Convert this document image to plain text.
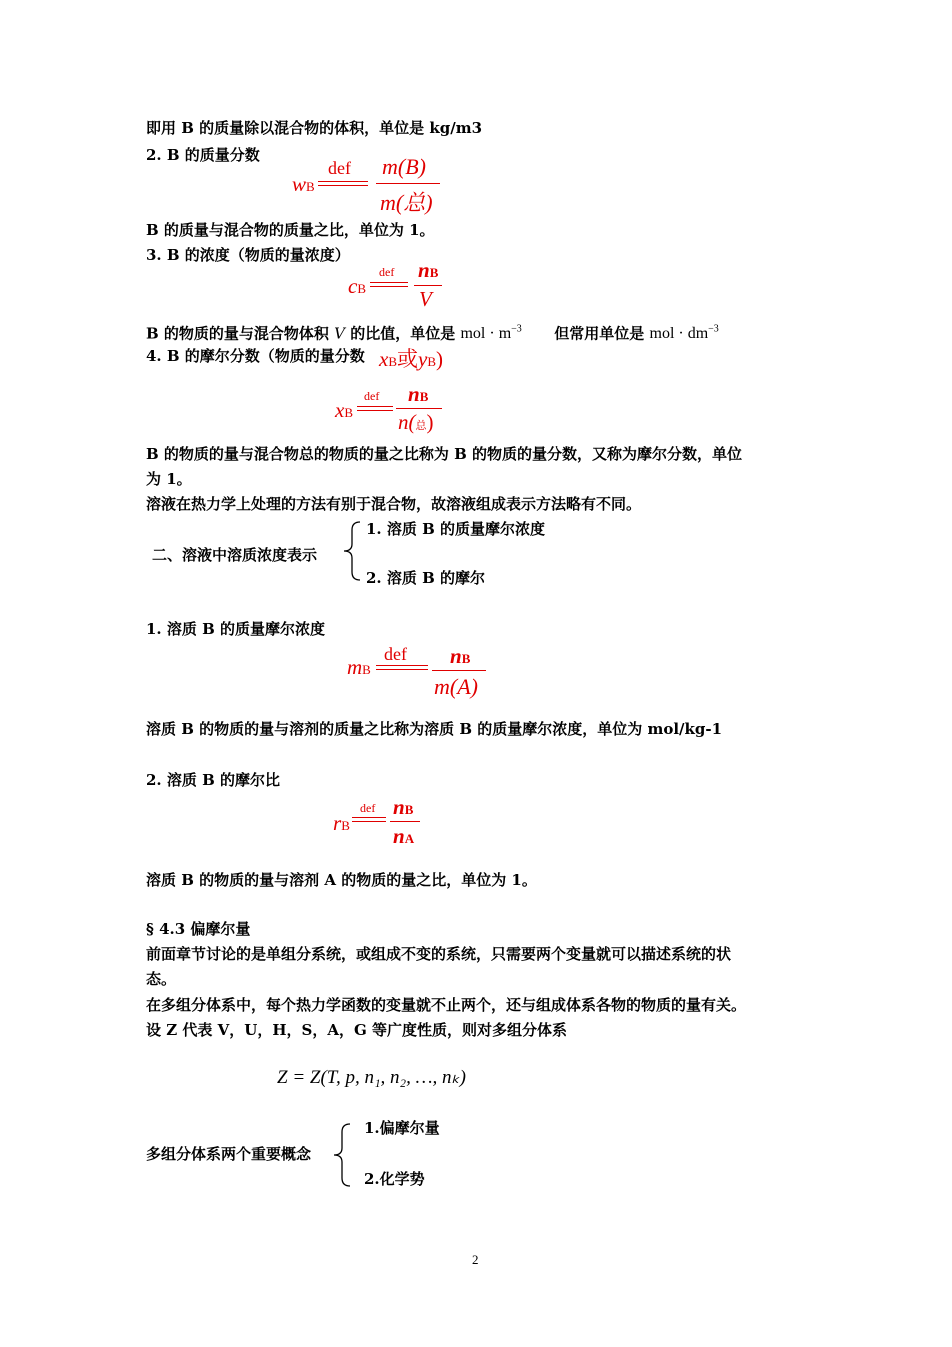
即用 B 的质量除以混合物的体积，单位是 kg/m3
2. B 的质量分数
wB
def m(B)
m(总)
B 的质量与混合物的质量之比，单位为 1。
3. B 的浓度（物质的量浓度）
cB
def nB
V
B 的物质的量与混合物体积 V 的比值，单位是 mol · $m^{-3}$ 但常用单位是 mol · $dm^{-3}$
4. B 的摩尔分数（物质的量分数 xB或yB)
xB
def nB
n(总)
B 的物质的量与混合物总的物质的量之比称为 B 的物质的量分数，又称为摩尔分数，单位
为 1。
溶液在热力学上处理的方法有别于混合物，故溶液组成表示方法略有不同。
二、溶液中溶质浓度表示
1. 溶质 B 的质量摩尔浓度
2. 溶质 B 的摩尔
1. 溶质 B 的质量摩尔浓度
mB
def nB
m(A)
溶质 B 的物质的量与溶剂的质量之比称为溶质 B 的质量摩尔浓度，单位为 mol/kg-1
2. 溶质 B 的摩尔比
rB
def nB
nA
溶质 B 的物质的量与溶剂 A 的物质的量之比，单位为 1。
§ 4.3 偏摩尔量
前面章节讨论的是单组分系统，或组成不变的系统，只需要两个变量就可以描述系统的状
态。
在多组分体系中，每个热力学函数的变量就不止两个，还与组成体系各物的物质的量有关。
设 Z 代表 V，U，H，S，A，G 等广度性质，则对多组分体系
Z = Z(T, p, n₁, n₂, …, nₖ)
多组分体系两个重要概念
1.偏摩尔量
2.化学势
2
